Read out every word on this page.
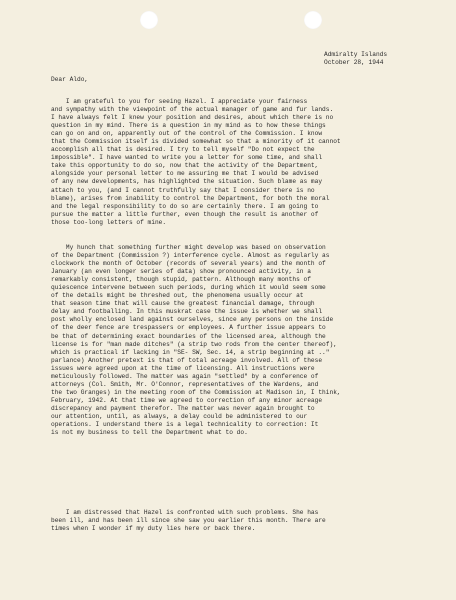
Admiralty Islands
October 28, 1944
Dear Aldo,
I am grateful to you for seeing Hazel. I appreciate your fairness
and sympathy with the viewpoint of the actual manager of game and fur lands.
I have always felt I knew your position and desires, about which there is no
question in my mind. There is a question in my mind as to how these things
can go on and on, apparently out of the control of the Commission. I know
that the Commission itself is divided somewhat so that a minority of it cannot
accomplish all that is desired. I try to tell myself "Do not expect the
impossible". I have wanted to write you a letter for some time, and shall
take this opportunity to do so, now that the activity of the Department,
alongside your personal letter to me assuring me that I would be advised
of any new developments, has highlighted the situation. Such blame as may
attach to you, (and I cannot truthfully say that I consider there is no
blame), arises from inability to control the Department, for both the moral
and the legal responsibility to do so are certainly there. I am going to
pursue the matter a little further, even though the result is another of
those too-long letters of mine.
My hunch that something further might develop was based on observation
of the Department (Commission ?) interference cycle. Almost as regularly as
clockwork the month of October (records of several years) and the month of
January (an even longer series of data) show pronounced activity, in a
remarkably consistent, though stupid, pattern. Although many months of
quiescence intervene between such periods, during which it would seem some
of the details might be threshed out, the phenomena usually occur at
that season time that will cause the greatest financial damage, through
delay and footballing. In this muskrat case the issue is whether we shall
post wholly enclosed land against ourselves, since any persons on the inside
of the deer fence are trespassers or employees. A further issue appears to
be that of determining exact boundaries of the licensed area, although the
license is for "man made ditches" (a strip two rods from the center thereof),
which is practical if lacking in "SE- SW, Sec. 14, a strip beginning at .."
parlance) Another pretext is that of total acreage involved. All of these
issues were agreed upon at the time of licensing. All instructions were
meticulously followed. The matter was again "settled" by a conference of
attorneys (Col. Smith, Mr. O'Connor, representatives of the Wardens, and
the two Granges) in the meeting room of the Commission at Madison in, I think,
February, 1942. At that time we agreed to correction of any minor acreage
discrepancy and payment therefor. The matter was never again brought to
our attention, until, as always, a delay could be administered to our
operations. I understand there is a legal technicality to correction: It
is not my business to tell the Department what to do.
I am distressed that Hazel is confronted with such problems. She has
been ill, and has been ill since she saw you earlier this month. There are
times when I wonder if my duty lies here or back there.
